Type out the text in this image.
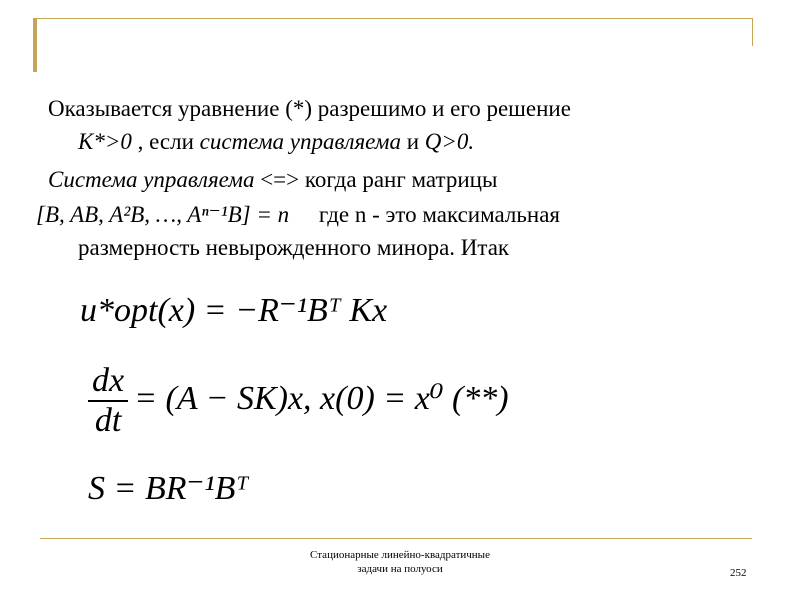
Оказывается уравнение (*) разрешимо и его решение
K*>0 , если система управляема и Q>0.
Система управляема <=> когда ранг матрицы
[B, AB, A²B, …, Aⁿ⁻¹B] = n где n - это максимальная
размерность невырожденного минора. Итак
u*opt(x) = −R⁻¹Bᵀ Kx
$\frac{dx}{dt} = (A - SK)x$, x(0) = x⁰ (**)
S = BR⁻¹Bᵀ
Стационарные линейно-квадратичные
задачи на полуоси	252
